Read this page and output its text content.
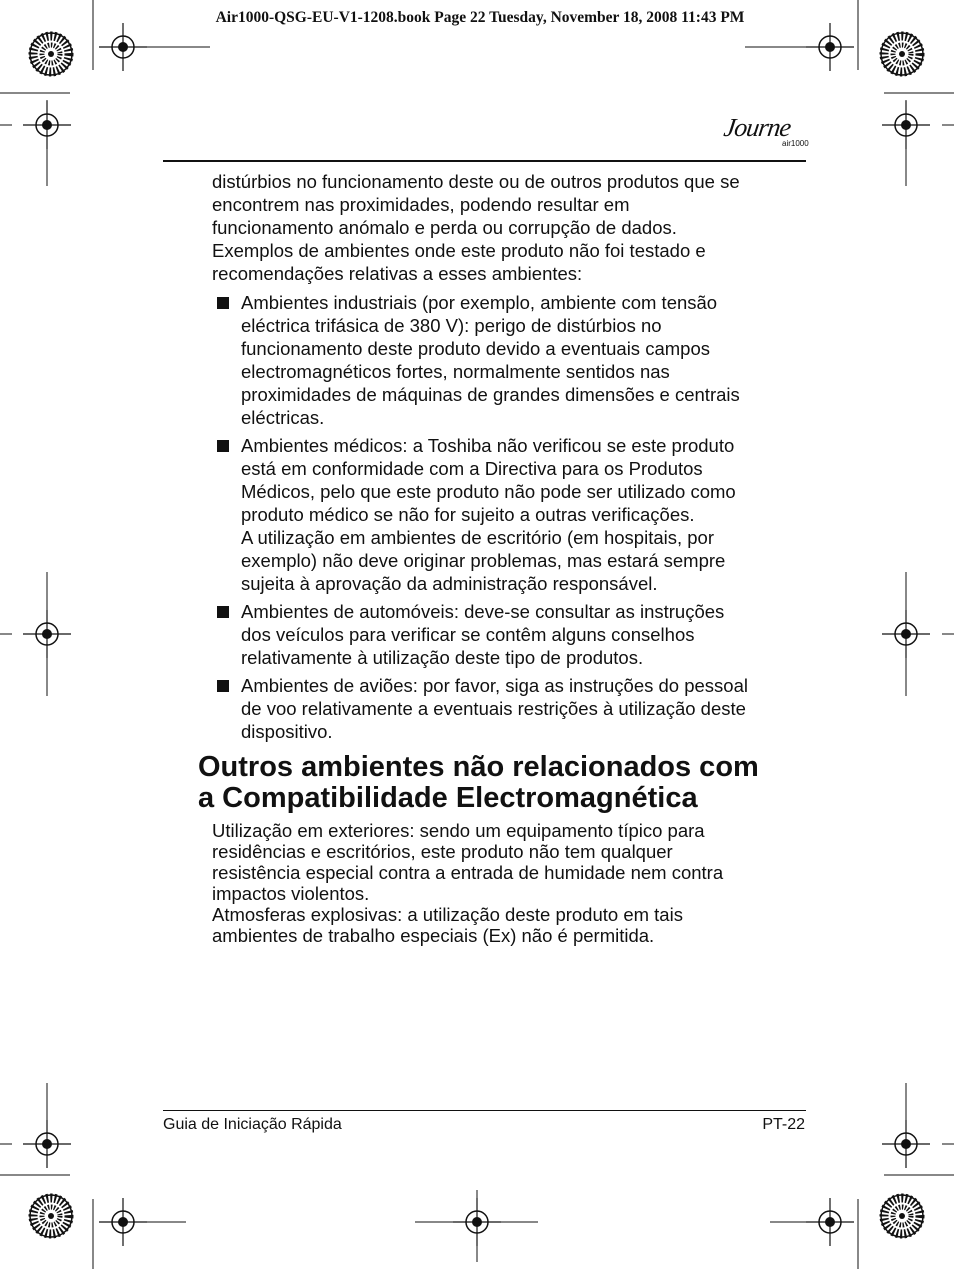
Air1000-QSG-EU-V1-1208.book Page 22 Tuesday, November 18, 2008 11:43 PM
Journe
air1000

distúrbios no funcionamento deste ou de outros produtos que se
encontrem nas proximidades, podendo resultar em
funcionamento anómalo e perda ou corrupção de dados.
Exemplos de ambientes onde este produto não foi testado e
recomendações relativas a esses ambientes:

Ambientes industriais (por exemplo, ambiente com tensão
eléctrica trifásica de 380 V): perigo de distúrbios no
funcionamento deste produto devido a eventuais campos
electromagnéticos fortes, normalmente sentidos nas
proximidades de máquinas de grandes dimensões e centrais
eléctricas.
Ambientes médicos: a Toshiba não verificou se este produto
está em conformidade com a Directiva para os Produtos
Médicos, pelo que este produto não pode ser utilizado como
produto médico se não for sujeito a outras verificações.
A utilização em ambientes de escritório (em hospitais, por
exemplo) não deve originar problemas, mas estará sempre
sujeita à aprovação da administração responsável.
Ambientes de automóveis: deve-se consultar as instruções
dos veículos para verificar se contêm alguns conselhos
relativamente à utilização deste tipo de produtos.
Ambientes de aviões: por favor, siga as instruções do pessoal
de voo relativamente a eventuais restrições à utilização deste
dispositivo.
Outros ambientes não relacionados com
a Compatibilidade Electromagnética

Utilização em exteriores: sendo um equipamento típico para
residências e escritórios, este produto não tem qualquer
resistência especial contra a entrada de humidade nem contra
impactos violentos.
Atmosferas explosivas: a utilização deste produto em tais
ambientes de trabalho especiais (Ex) não é permitida.

Guia de Iniciação Rápida	PT-22
